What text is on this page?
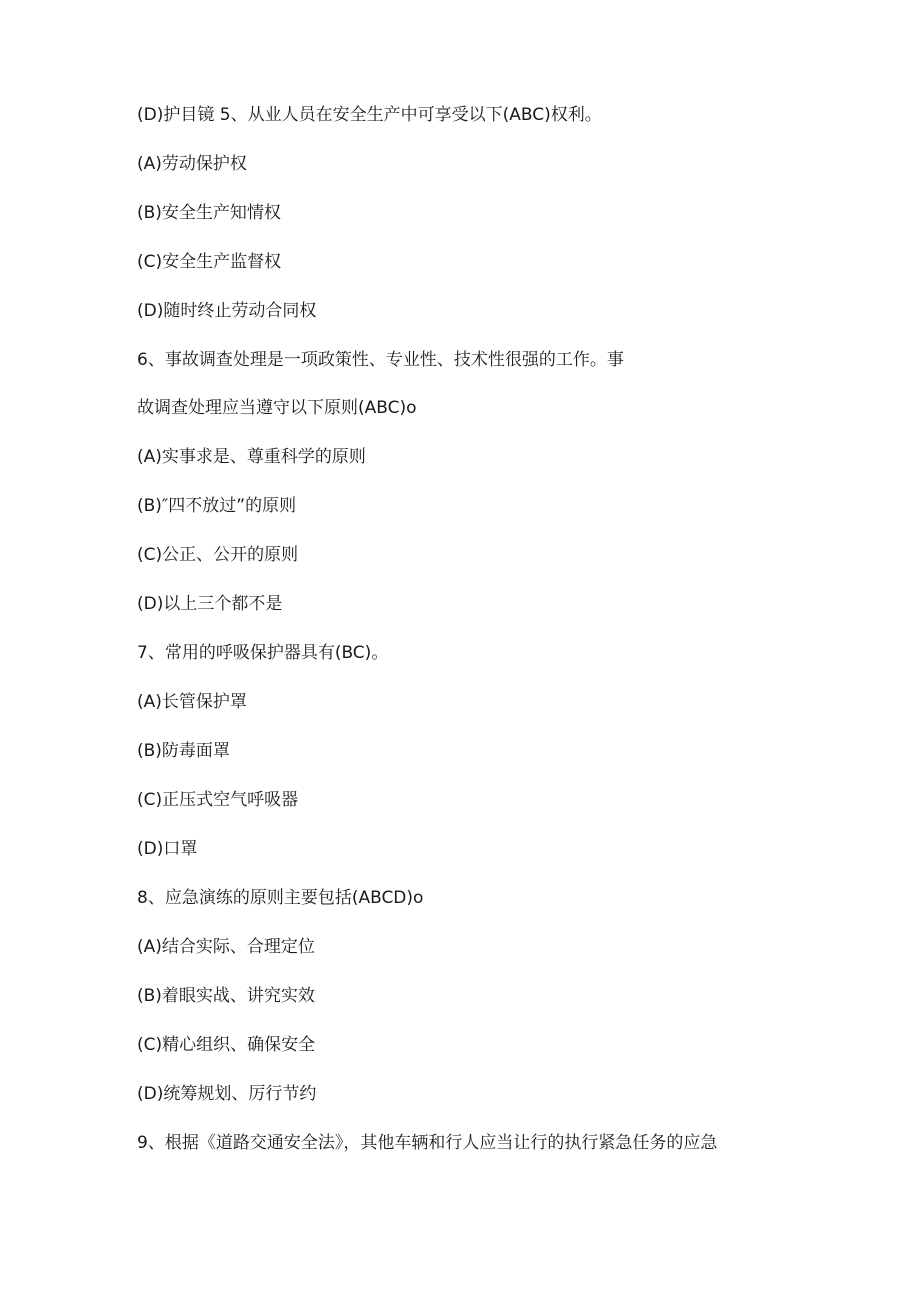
(D)护目镜 5、从业人员在安全生产中可享受以下(ABC)权利。

(A)劳动保护权

(B)安全生产知情权

(C)安全生产监督权

(D)随时终止劳动合同权

6、事故调查处理是一项政策性、专业性、技术性很强的工作。事

故调查处理应当遵守以下原则(ABC)o

(A)实事求是、尊重科学的原则

(B)″四不放过”的原则

(C)公正、公开的原则

(D)以上三个都不是

7、常用的呼吸保护器具有(BC)。

(A)长管保护罩

(B)防毒面罩

(C)正压式空气呼吸器

(D)口罩

8、应急演练的原则主要包括(ABCD)o

(A)结合实际、合理定位

(B)着眼实战、讲究实效

(C)精心组织、确保安全

(D)统筹规划、厉行节约

9、根据《道路交通安全法》，其他车辆和行人应当让行的执行紧急任务的应急
